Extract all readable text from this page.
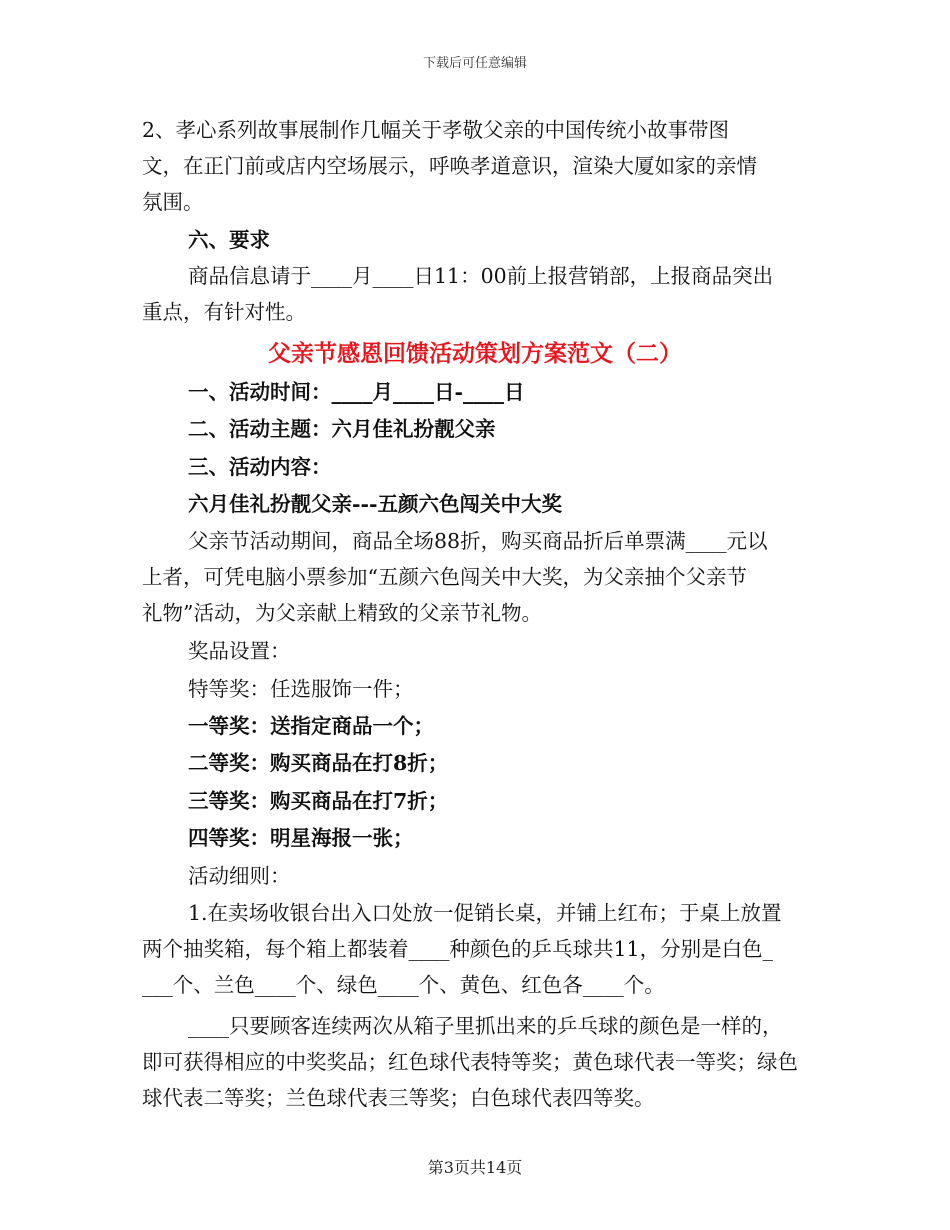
下载后可任意编辑
2、孝心系列故事展制作几幅关于孝敬父亲的中国传统小故事带图
文，在正门前或店内空场展示，呼唤孝道意识，渲染大厦如家的亲情
氛围。
六、要求
商品信息请于____月____日11：00前上报营销部，上报商品突出
重点，有针对性。
父亲节感恩回馈活动策划方案范文（二）
一、活动时间：____月____日-____日
二、活动主题：六月佳礼扮靓父亲
三、活动内容：
六月佳礼扮靓父亲---五颜六色闯关中大奖
父亲节活动期间，商品全场88折，购买商品折后单票满____元以
上者，可凭电脑小票参加“五颜六色闯关中大奖，为父亲抽个父亲节
礼物”活动，为父亲献上精致的父亲节礼物。
奖品设置：
特等奖：任选服饰一件；
一等奖：送指定商品一个；
二等奖：购买商品在打8折；
三等奖：购买商品在打7折；
四等奖：明星海报一张；
活动细则：
1.在卖场收银台出入口处放一促销长桌，并铺上红布；于桌上放置
两个抽奖箱，每个箱上都装着____种颜色的乒乓球共11，分别是白色_
___个、兰色____个、绿色____个、黄色、红色各____个。
____只要顾客连续两次从箱子里抓出来的乒乓球的颜色是一样的，
即可获得相应的中奖奖品；红色球代表特等奖；黄色球代表一等奖；绿色
球代表二等奖；兰色球代表三等奖；白色球代表四等奖。
第3页共14页
